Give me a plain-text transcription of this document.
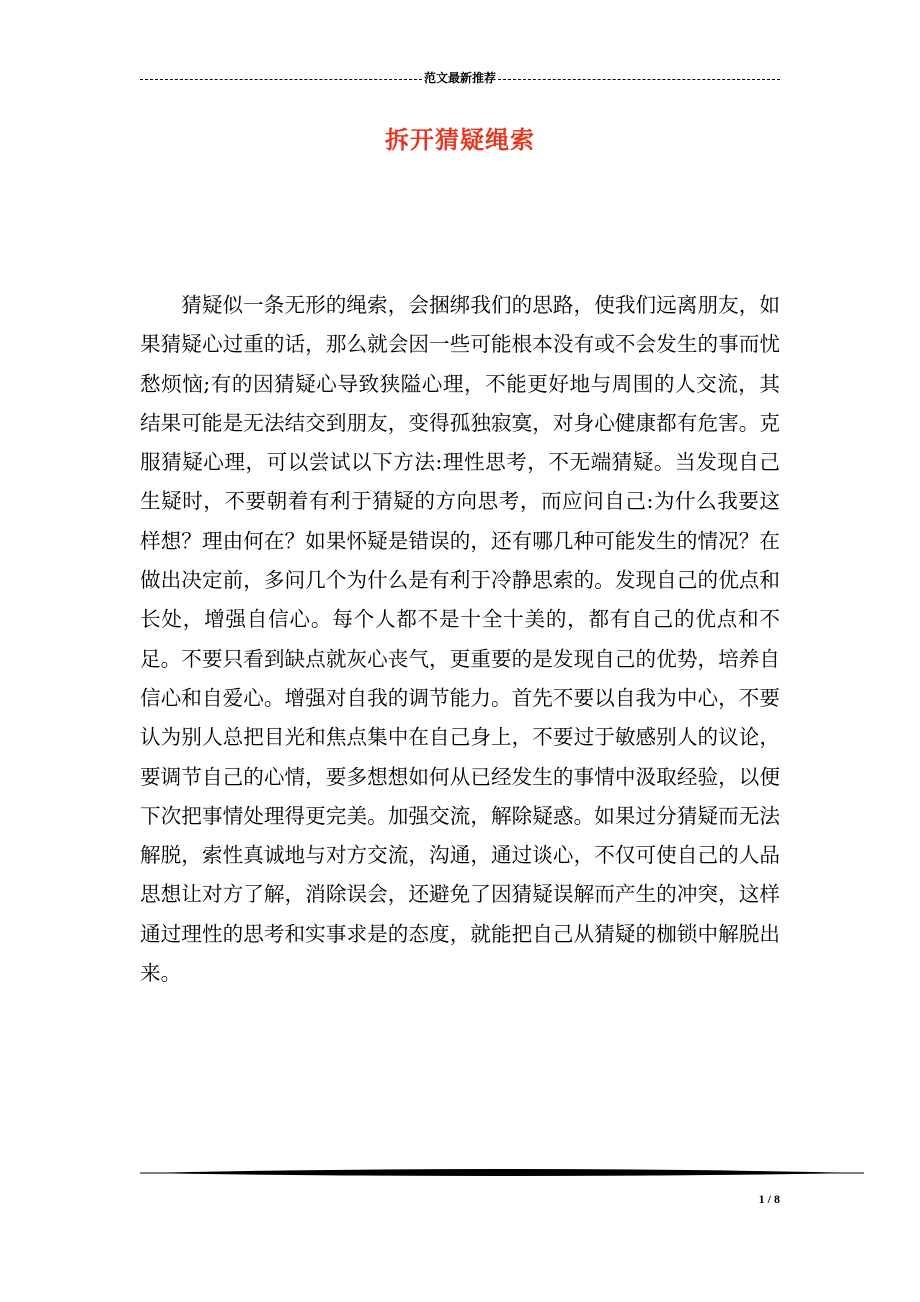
范文最新推荐
拆开猜疑绳索

猜疑似一条无形的绳索，会捆绑我们的思路，使我们远离朋友，如果猜疑心过重的话，那么就会因一些可能根本没有或不会发生的事而忧愁烦恼;有的因猜疑心导致狭隘心理，不能更好地与周围的人交流，其结果可能是无法结交到朋友，变得孤独寂寞，对身心健康都有危害。克服猜疑心理，可以尝试以下方法:理性思考，不无端猜疑。当发现自己生疑时，不要朝着有利于猜疑的方向思考，而应问自己:为什么我要这样想？理由何在？如果怀疑是错误的，还有哪几种可能发生的情况？在做出决定前，多问几个为什么是有利于冷静思索的。发现自己的优点和长处，增强自信心。每个人都不是十全十美的，都有自己的优点和不足。不要只看到缺点就灰心丧气，更重要的是发现自己的优势，培养自信心和自爱心。增强对自我的调节能力。首先不要以自我为中心，不要认为别人总把目光和焦点集中在自己身上，不要过于敏感别人的议论，要调节自己的心情，要多想想如何从已经发生的事情中汲取经验，以便下次把事情处理得更完美。加强交流，解除疑惑。如果过分猜疑而无法解脱，索性真诚地与对方交流，沟通，通过谈心，不仅可使自己的人品思想让对方了解，消除误会，还避免了因猜疑误解而产生的冲突，这样通过理性的思考和实事求是的态度，就能把自己从猜疑的枷锁中解脱出来。

1 / 8
